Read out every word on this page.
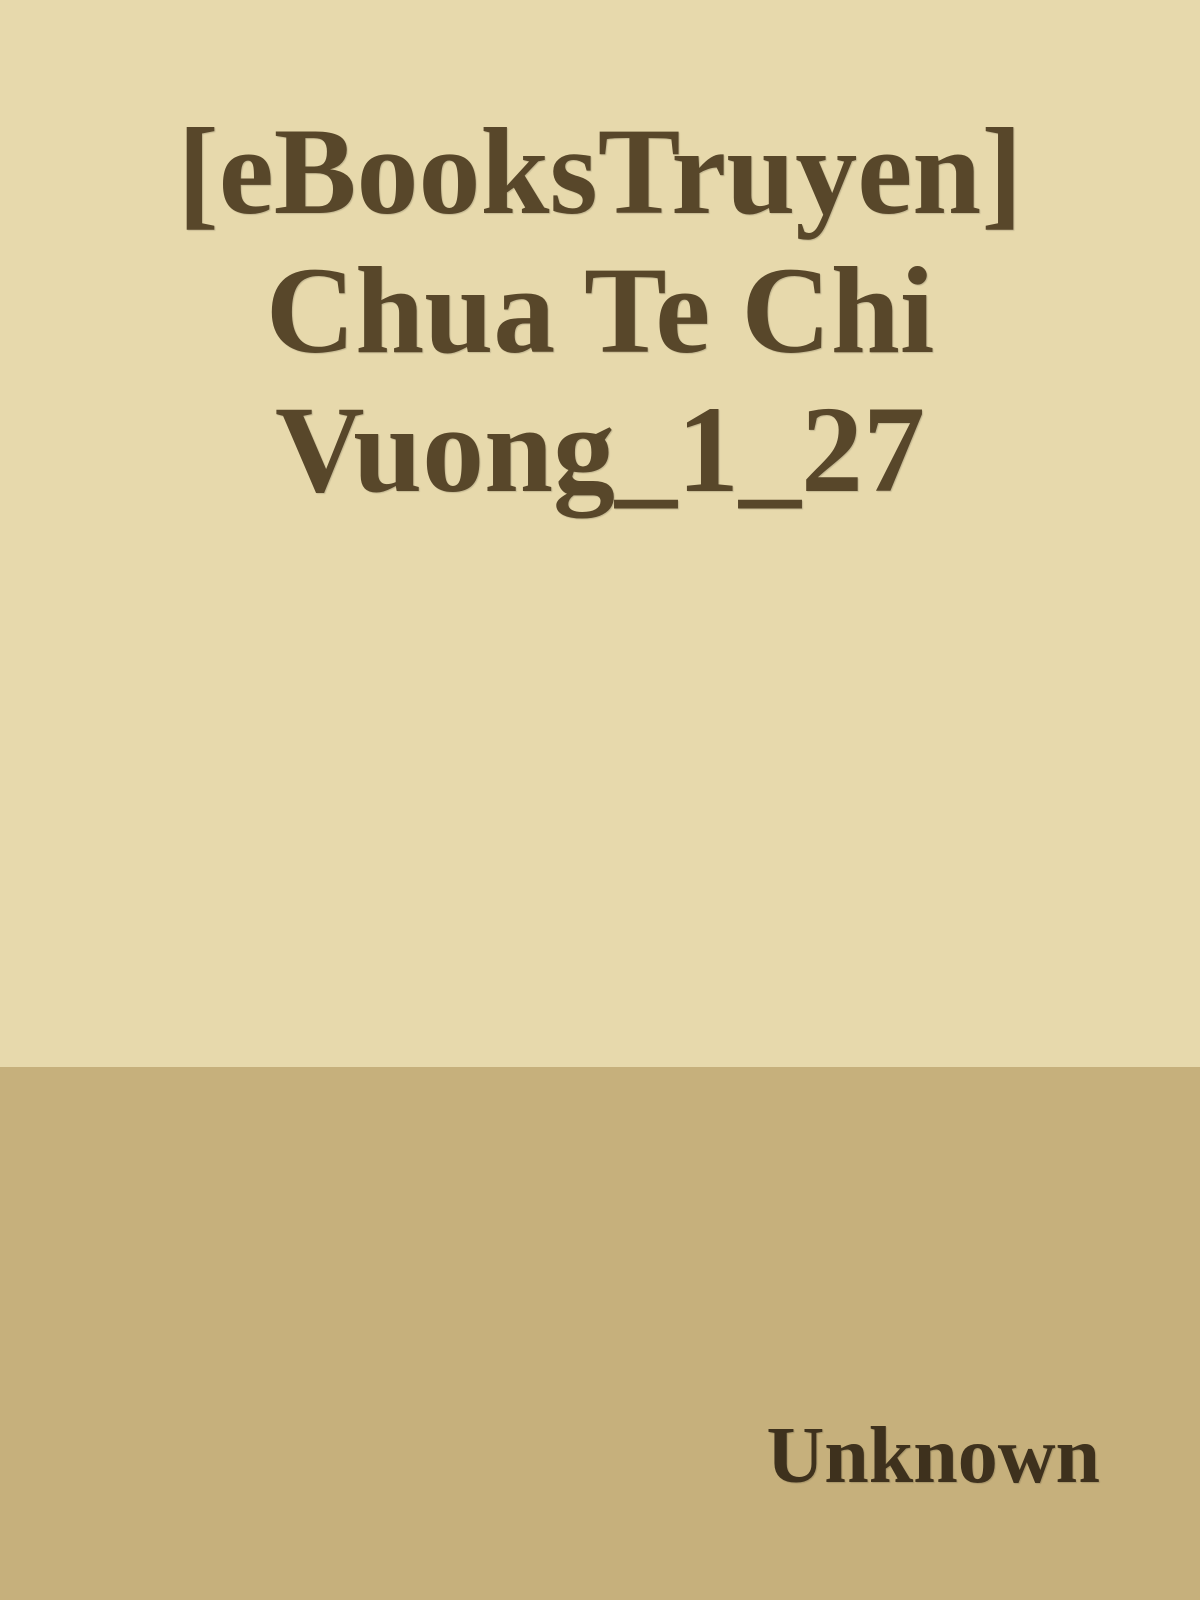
[eBooksTruyen]
Chua Te Chi
Vuong_1_27
Unknown
